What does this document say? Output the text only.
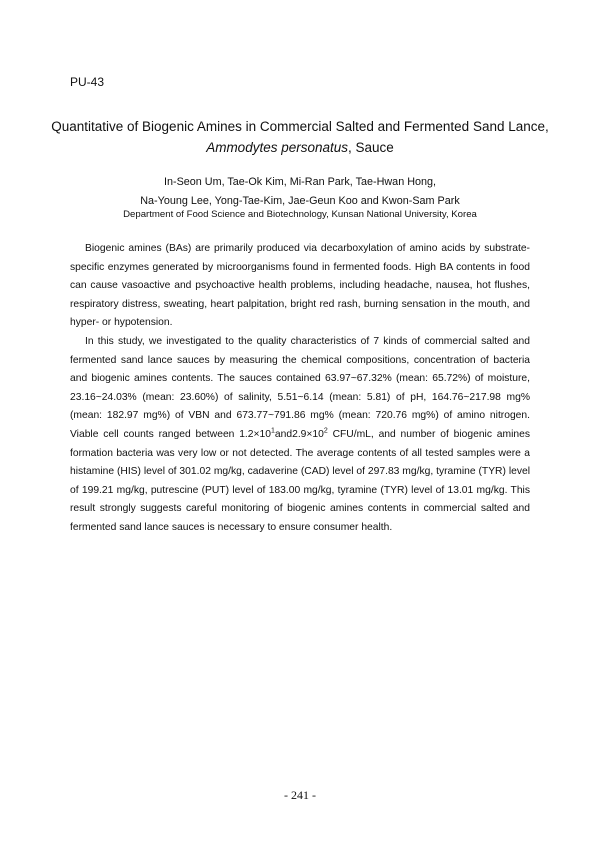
PU-43
Quantitative of Biogenic Amines in Commercial Salted and Fermented Sand Lance,
Ammodytes personatus, Sauce
In-Seon Um, Tae-Ok Kim, Mi-Ran Park, Tae-Hwan Hong,
Na-Young Lee, Yong-Tae-Kim, Jae-Geun Koo and Kwon-Sam Park
Department of Food Science and Biotechnology, Kunsan National University, Korea

Biogenic amines (BAs) are primarily produced via decarboxylation of amino acids by substrate-specific enzymes generated by microorganisms found in fermented foods. High BA contents in food can cause vasoactive and psychoactive health problems, including headache, nausea, hot flushes, respiratory distress, sweating, heart palpitation, bright red rash, burning sensation in the mouth, and hyper- or hypotension.

In this study, we investigated to the quality characteristics of 7 kinds of commercial salted and fermented sand lance sauces by measuring the chemical compositions, concentration of bacteria and biogenic amines contents. The sauces contained 63.97~67.32% (mean: 65.72%) of moisture, 23.16~24.03% (mean: 23.60%) of salinity, 5.51~6.14 (mean: 5.81) of pH, 164.76~217.98 mg% (mean: 182.97 mg%) of VBN and 673.77~791.86 mg% (mean: 720.76 mg%) of amino nitrogen. Viable cell counts ranged between $1.2\times 10^1and2.9\times 10^2$ CFU/mL, and number of biogenic amines formation bacteria was very low or not detected. The average contents of all tested samples were a histamine (HIS) level of 301.02 mg/kg, cadaverine (CAD) level of 297.83 mg/kg, tyramine (TYR) level of 199.21 mg/kg, putrescine (PUT) level of 183.00 mg/kg, tyramine (TYR) level of 13.01 mg/kg. This result strongly suggests careful monitoring of biogenic amines contents in commercial salted and fermented sand lance sauces is necessary to ensure consumer health.

- 241 -
